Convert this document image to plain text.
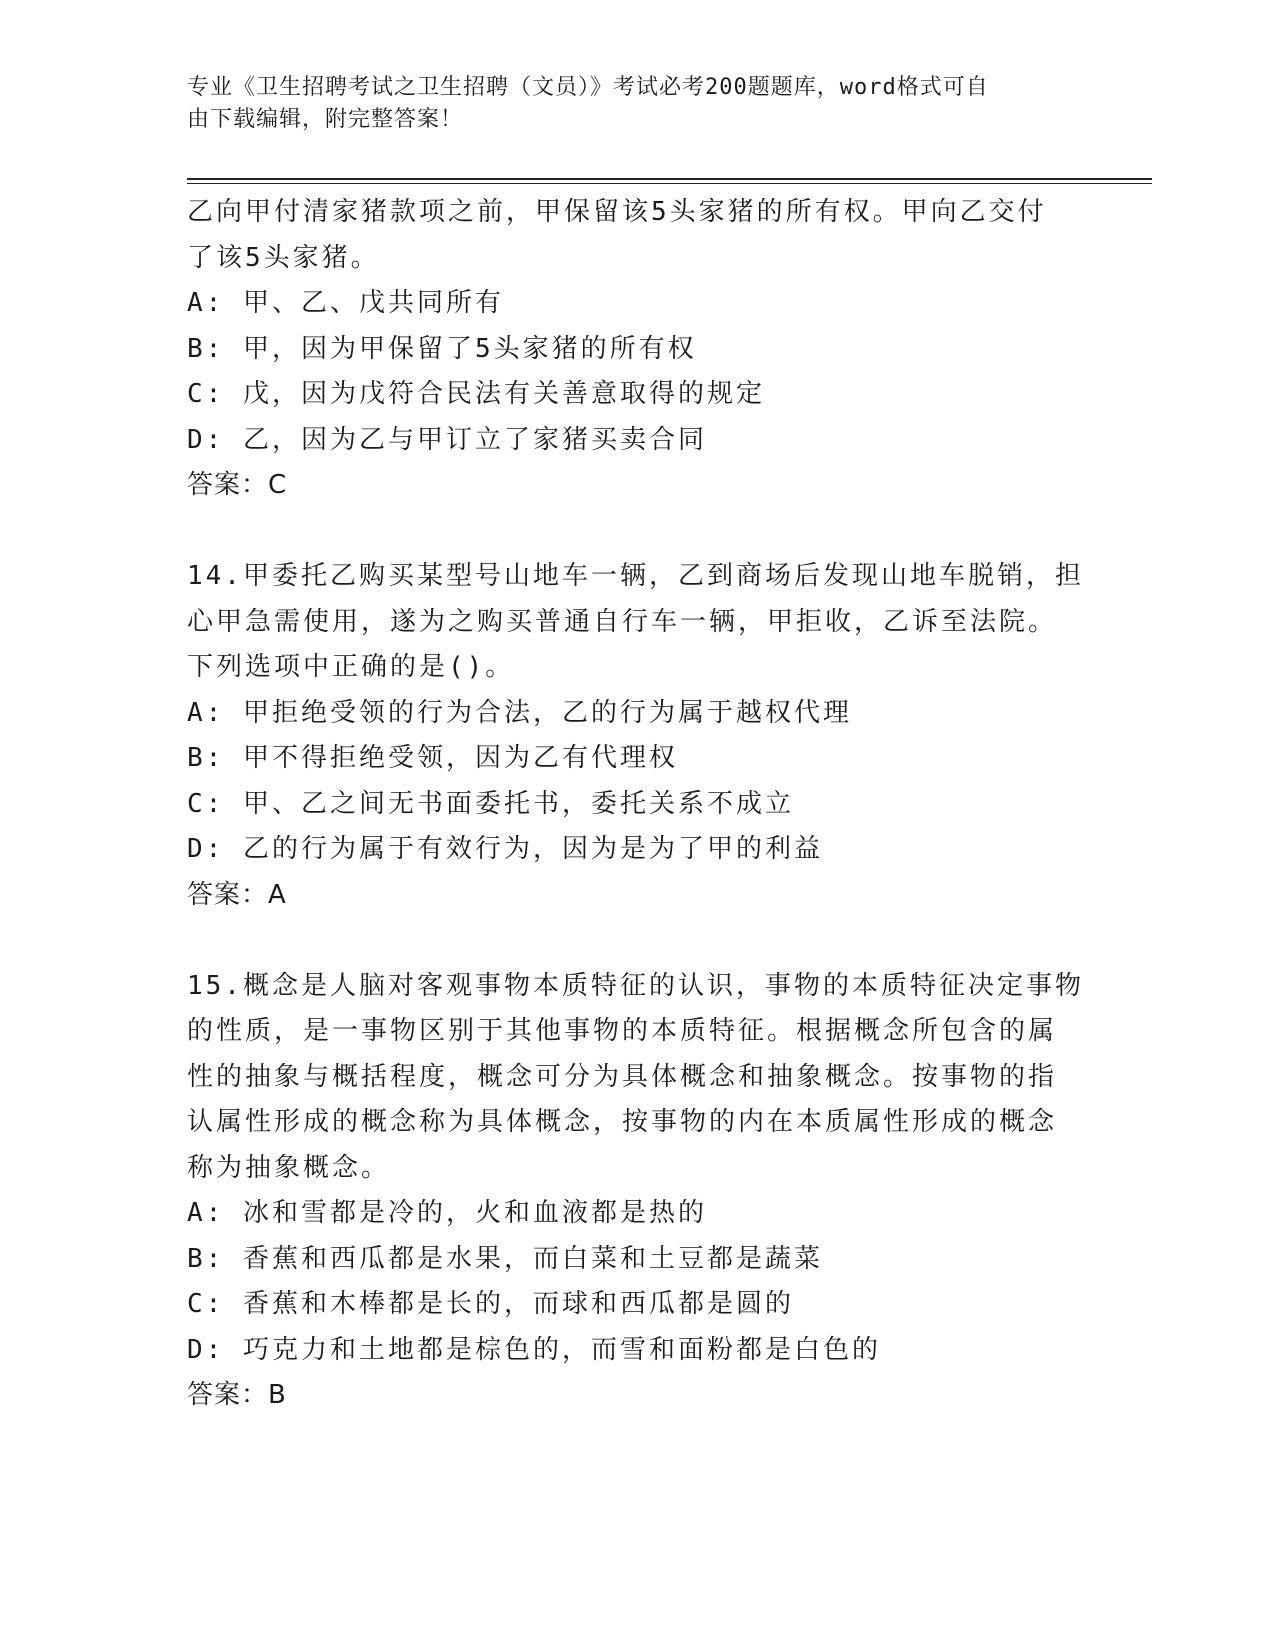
专业《卫生招聘考试之卫生招聘（文员）》考试必考200题题库，word格式可自
由下载编辑，附完整答案！
乙向甲付清家猪款项之前，甲保留该5头家猪的所有权。甲向乙交付
了该5头家猪。
A: 甲、乙、戊共同所有
B: 甲，因为甲保留了5头家猪的所有权
C: 戊，因为戊符合民法有关善意取得的规定
D: 乙，因为乙与甲订立了家猪买卖合同
答案：C
14.甲委托乙购买某型号山地车一辆，乙到商场后发现山地车脱销，担
心甲急需使用，遂为之购买普通自行车一辆，甲拒收，乙诉至法院。
下列选项中正确的是()。
A: 甲拒绝受领的行为合法，乙的行为属于越权代理
B: 甲不得拒绝受领，因为乙有代理权
C: 甲、乙之间无书面委托书，委托关系不成立
D: 乙的行为属于有效行为，因为是为了甲的利益
答案：A
15.概念是人脑对客观事物本质特征的认识，事物的本质特征决定事物
的性质，是一事物区别于其他事物的本质特征。根据概念所包含的属
性的抽象与概括程度，概念可分为具体概念和抽象概念。按事物的指
认属性形成的概念称为具体概念，按事物的内在本质属性形成的概念
称为抽象概念。
A: 冰和雪都是冷的，火和血液都是热的
B: 香蕉和西瓜都是水果，而白菜和土豆都是蔬菜
C: 香蕉和木棒都是长的，而球和西瓜都是圆的
D: 巧克力和土地都是棕色的，而雪和面粉都是白色的
答案：B
